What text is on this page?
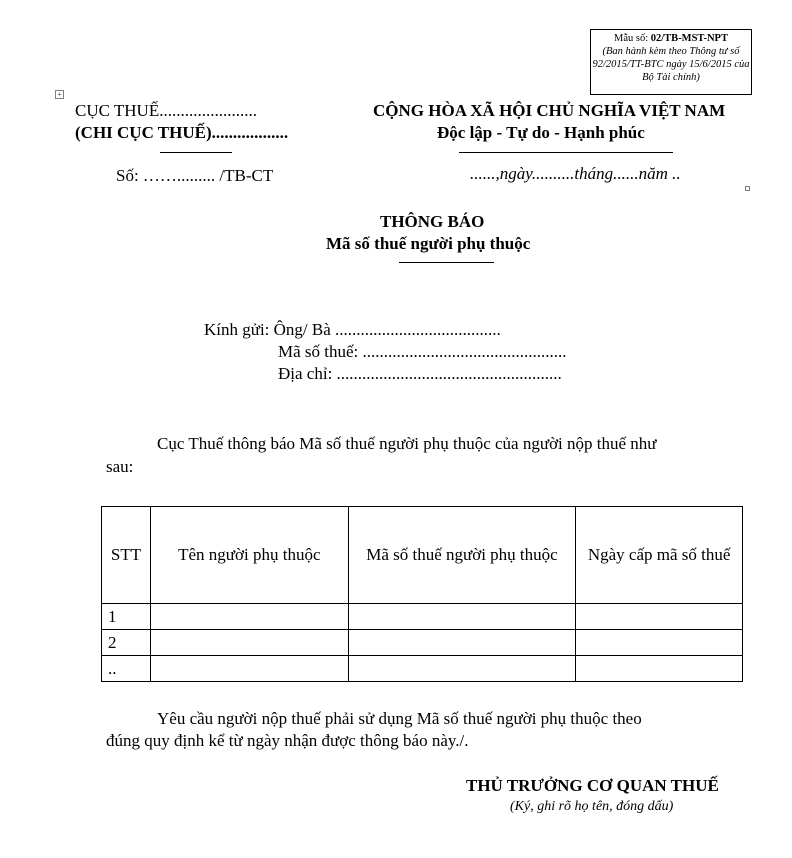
Mẫu số: 02/TB-MST-NPT
(Ban hành kèm theo Thông tư số 92/2015/TT-BTC ngày 15/6/2015 của Bộ Tài chính)
+
CỤC THUẾ.......................
(CHI CỤC THUẾ)..................
Số: ……......... /TB-CT
CỘNG HÒA XÃ HỘI CHỦ NGHĨA VIỆT NAM
Độc lập - Tự do - Hạnh phúc
......,ngày..........tháng......năm ..
THÔNG BÁO
Mã số thuế người phụ thuộc
Kính gửi: Ông/ Bà .......................................
Mã số thuế: ................................................
Địa chỉ: .....................................................
Cục Thuế thông báo Mã số thuế người phụ thuộc của người nộp thuế như
sau:
STT	Tên người phụ thuộc	Mã số thuế người phụ thuộc	Ngày cấp mã số thuế
1			
2			
..			
Yêu cầu người nộp thuế phải sử dụng Mã số thuế người phụ thuộc theo
đúng quy định kể từ ngày nhận được thông báo này./.
THỦ TRƯỞNG CƠ QUAN THUẾ
(Ký, ghi rõ họ tên, đóng dấu)
